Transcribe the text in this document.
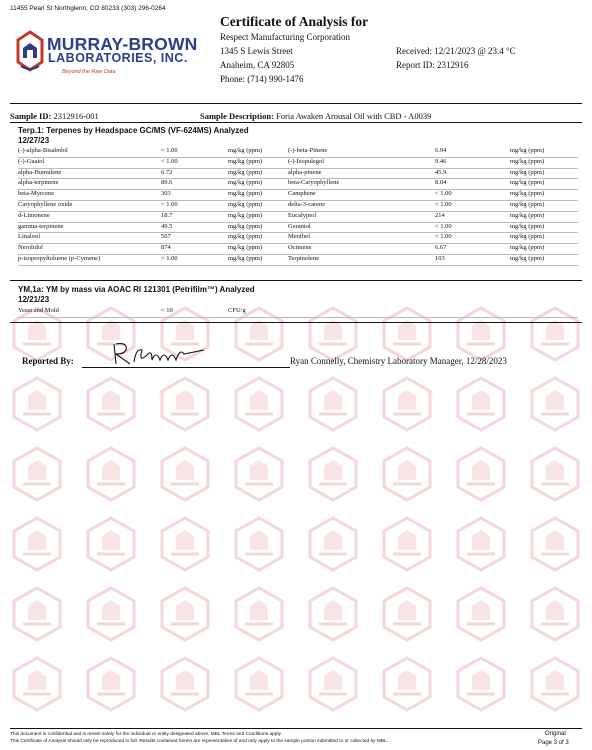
11455 Pearl St Northglenn, CO 80233 (303) 296-0264
MURRAY-BROWN
LABORATORIES, INC.
Beyond the Raw Data
Certificate of Analysis for
Respect Manufacturing Corporation
1345 S Lewis Street
Anaheim, CA 92805
Phone: (714) 990-1476
Received: 12/21/2023 @ 23.4 °C
Report ID: 2312916
Sample ID: 2312916-001	Sample Description: Foria Awaken Arousal Oil with CBD - A0039
Terp.1: Terpenes by Headspace GC/MS (VF-624MS) Analyzed
12/27/23
(-)-alpha-Bisabolol	< 1.00	mg/kg (ppm)	(-)-beta-Pinene	6.94	mg/kg (ppm)
(-)-Guaiol	< 1.00	mg/kg (ppm)	(-)-Isopulegol	9.46	mg/kg (ppm)
alpha-Humulene	6.72	mg/kg (ppm)	alpha-pinene	45.9	mg/kg (ppm)
alpha-terpinene	89.6	mg/kg (ppm)	beta-Caryophyllene	8.04	mg/kg (ppm)
beta-Myrcene	303	mg/kg (ppm)	Camphene	< 1.00	mg/kg (ppm)
Caryophyllene oxide	< 1.00	mg/kg (ppm)	delta-3-carene	< 1.00	mg/kg (ppm)
d-Limonene	18.7	mg/kg (ppm)	Eucalyptol	214	mg/kg (ppm)
gamma-terpinene	49.5	mg/kg (ppm)	Geraniol	< 1.00	mg/kg (ppm)
Linalool	567	mg/kg (ppm)	Menthol	< 1.00	mg/kg (ppm)
Nerolidol	874	mg/kg (ppm)	Ocimene	6.67	mg/kg (ppm)
p-isopropyltoluene (p-Cymene)	< 1.00	mg/kg (ppm)	Terpinolene	103	mg/kg (ppm)
YM,1a: YM by mass via AOAC RI 121301 (Petrifilm™) Analyzed
12/21/23
Yeast and Mold	< 10	CFU/g
Reported By:	Ryan Connelly, Chemistry Laboratory Manager, 12/28/2023
This document is confidential and is meant solely for the individual or entity designated above. MBL Terms and Conditions apply.
This Certificate of Analysis should only be reproduced in full. Results contained herein are representative of and only apply to the sample portion submitted to or collected by MBL.
Original
Page 3 of 3
